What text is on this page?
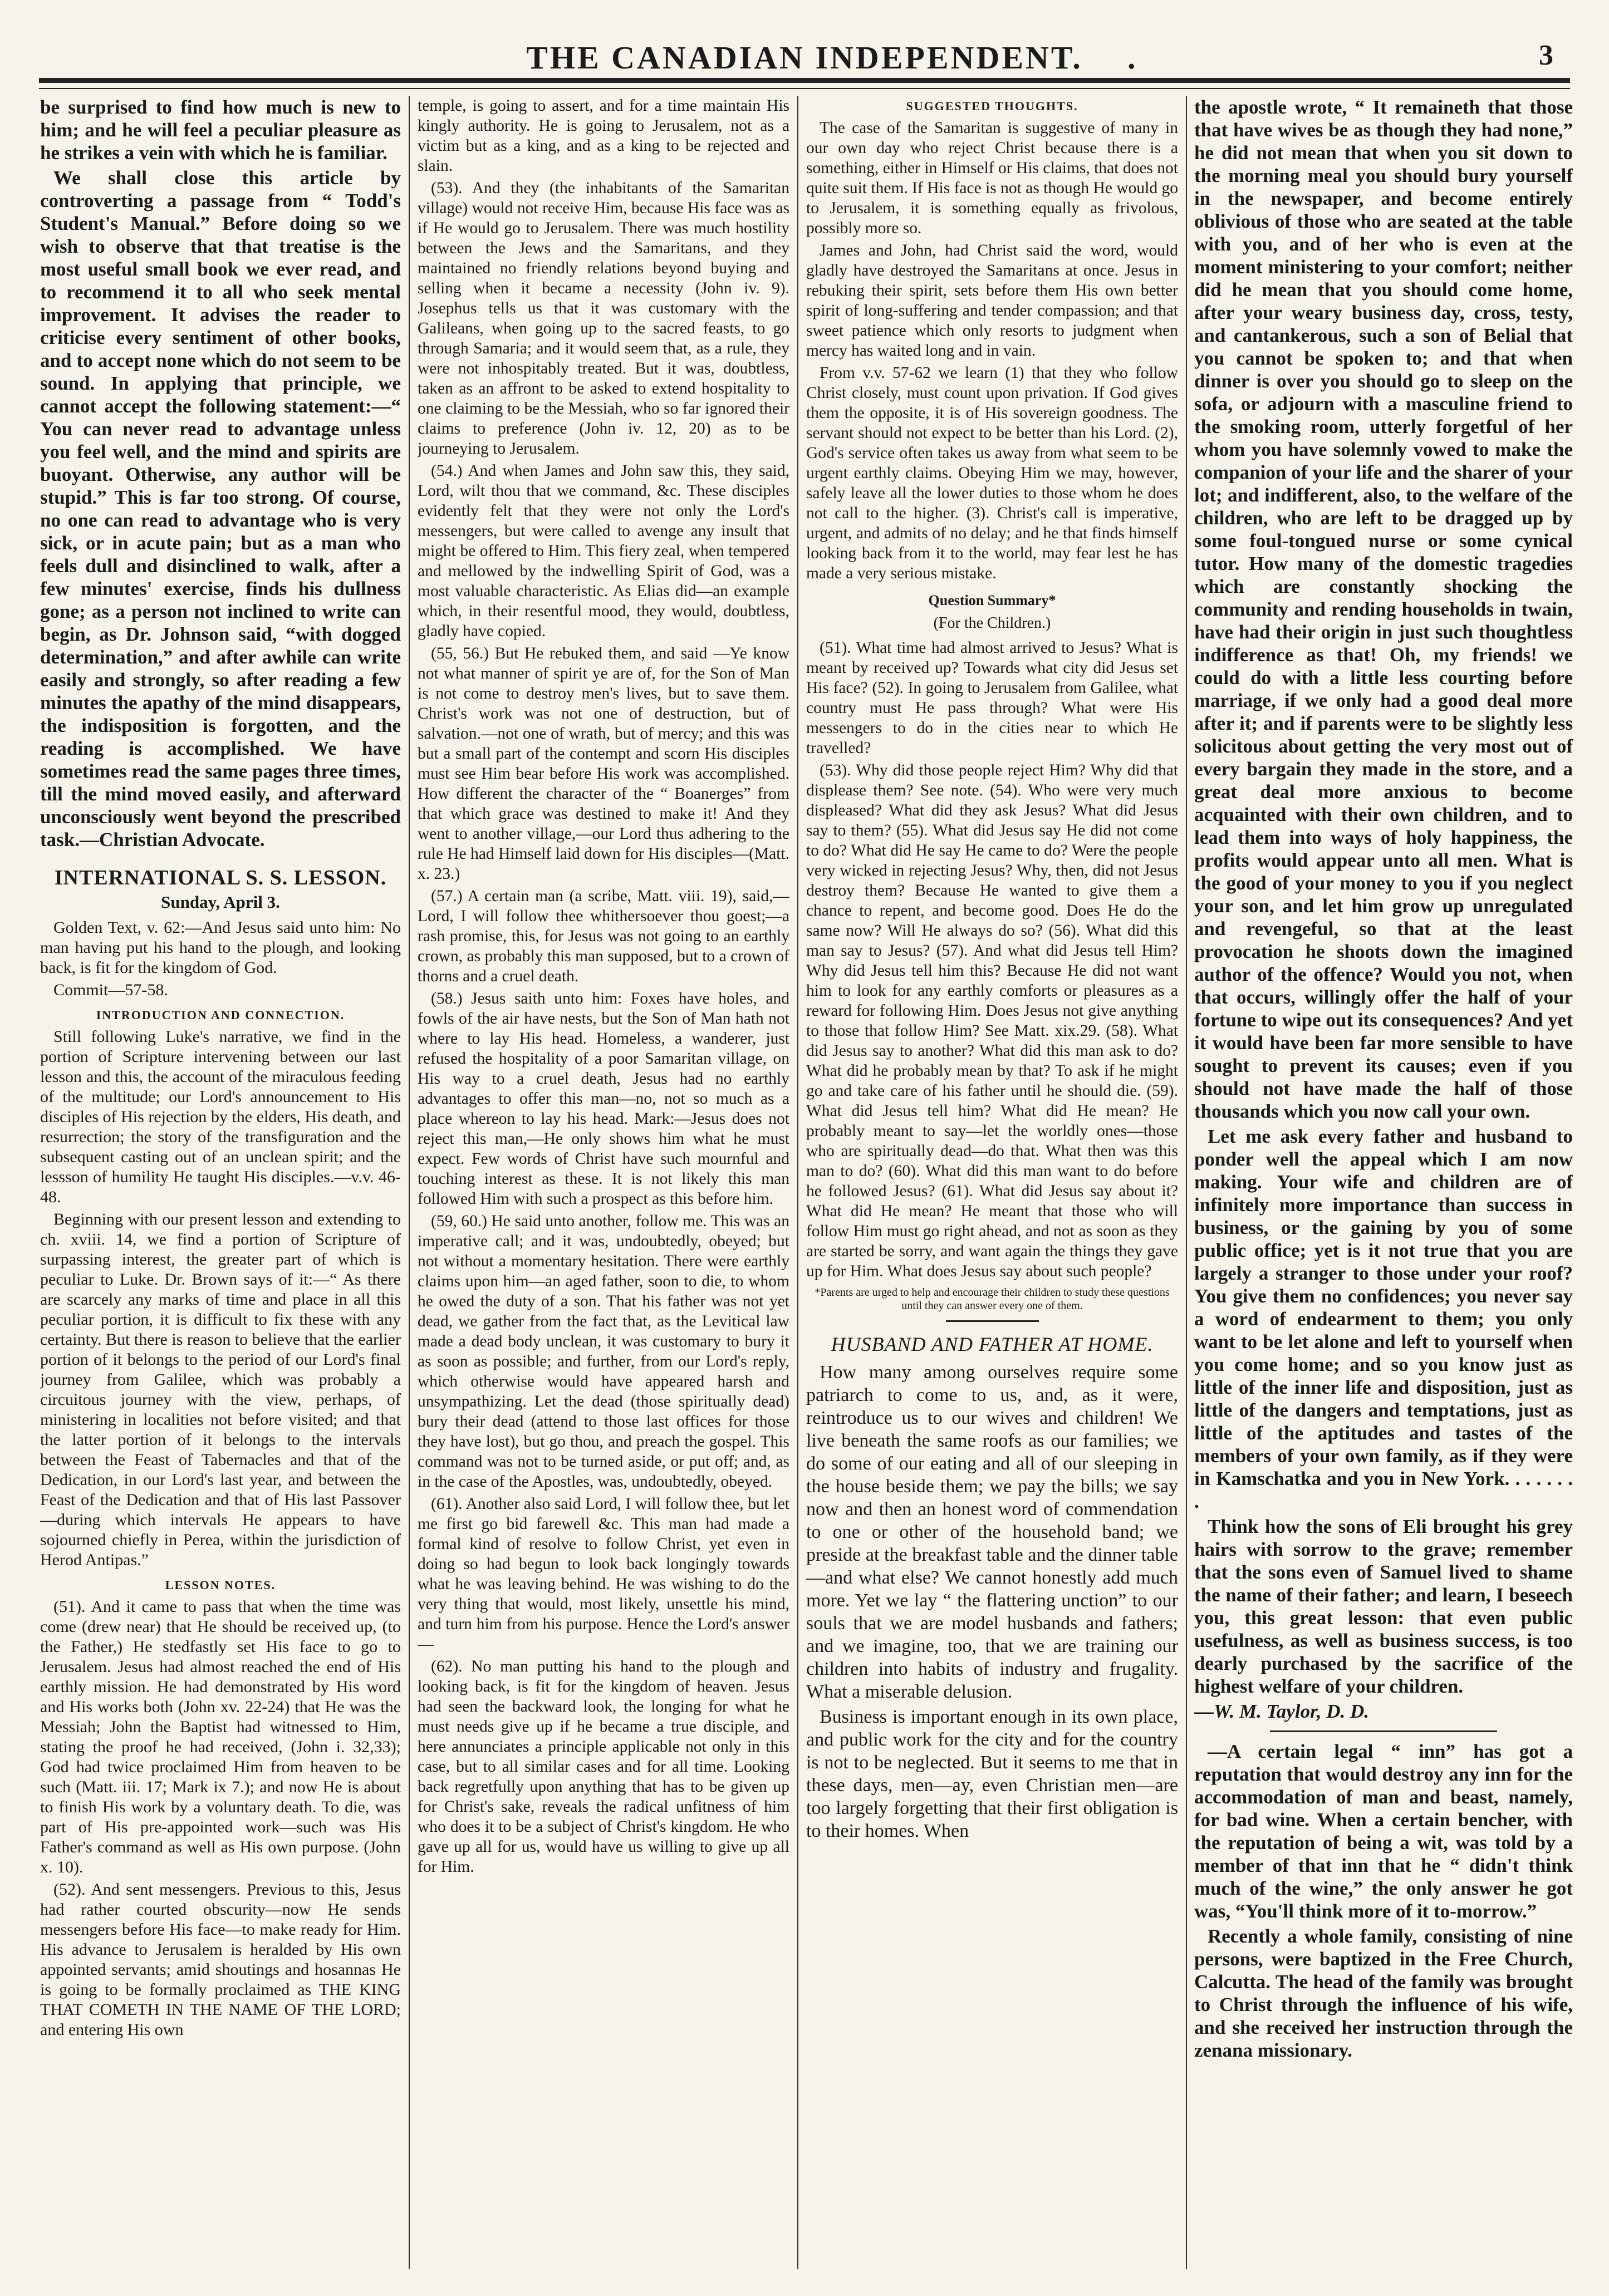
THE CANADIAN INDEPENDENT.	.	3

be surprised to find how much is new to him; and he will feel a peculiar pleasure as he strikes a vein with which he is familiar.

We shall close this article by controverting a passage from “ Todd's Student's Manual.” Before doing so we wish to observe that that treatise is the most useful small book we ever read, and to recommend it to all who seek mental improvement. It advises the reader to criticise every sentiment of other books, and to accept none which do not seem to be sound. In applying that principle, we cannot accept the following statement:—“ You can never read to advantage unless you feel well, and the mind and spirits are buoyant. Otherwise, any author will be stupid.” This is far too strong. Of course, no one can read to advantage who is very sick, or in acute pain; but as a man who feels dull and disinclined to walk, after a few minutes' exercise, finds his dullness gone; as a person not inclined to write can begin, as Dr. Johnson said, “with dogged determination,” and after awhile can write easily and strongly, so after reading a few minutes the apathy of the mind disappears, the indisposition is forgotten, and the reading is accomplished. We have sometimes read the same pages three times, till the mind moved easily, and afterward unconsciously went beyond the prescribed task.—Christian Advocate.

INTERNATIONAL S. S. LESSON.
Sunday, April 3.

Golden Text, v. 62:—And Jesus said unto him: No man having put his hand to the plough, and looking back, is fit for the kingdom of God.

Commit—57-58.

INTRODUCTION AND CONNECTION.

Still following Luke's narrative, we find in the portion of Scripture intervening between our last lesson and this, the account of the miraculous feeding of the multitude; our Lord's announcement to His disciples of His rejection by the elders, His death, and resurrection; the story of the transfiguration and the subsequent casting out of an unclean spirit; and the lessson of humility He taught His disciples.—v.v. 46-48.

Beginning with our present lesson and extending to ch. xviii. 14, we find a portion of Scripture of surpassing interest, the greater part of which is peculiar to Luke. Dr. Brown says of it:—“ As there are scarcely any marks of time and place in all this peculiar portion, it is difficult to fix these with any certainty. But there is reason to believe that the earlier portion of it belongs to the period of our Lord's final journey from Galilee, which was probably a circuitous journey with the view, perhaps, of ministering in localities not before visited; and that the latter portion of it belongs to the intervals between the Feast of Tabernacles and that of the Dedication, in our Lord's last year, and between the Feast of the Dedication and that of His last Passover—during which intervals He appears to have sojourned chiefly in Perea, within the jurisdiction of Herod Antipas.”

LESSON NOTES.

(51). And it came to pass that when the time was come (drew near) that He should be received up, (to the Father,) He stedfastly set His face to go to Jerusalem. Jesus had almost reached the end of His earthly mission. He had demonstrated by His word and His works both (John xv. 22-24) that He was the Messiah; John the Baptist had witnessed to Him, stating the proof he had received, (John i. 32,33); God had twice proclaimed Him from heaven to be such (Matt. iii. 17; Mark ix 7.); and now He is about to finish His work by a voluntary death. To die, was part of His pre-appointed work—such was His Father's command as well as His own purpose. (John x. 10).

(52). And sent messengers. Previous to this, Jesus had rather courted obscurity—now He sends messengers before His face—to make ready for Him. His advance to Jerusalem is heralded by His own appointed servants; amid shoutings and hosannas He is going to be formally proclaimed as THE KING THAT COMETH IN THE NAME OF THE LORD; and entering His own

temple, is going to assert, and for a time maintain His kingly authority. He is going to Jerusalem, not as a victim but as a king, and as a king to be rejected and slain.

(53). And they (the inhabitants of the Samaritan village) would not receive Him, because His face was as if He would go to Jerusalem. There was much hostility between the Jews and the Samaritans, and they maintained no friendly relations beyond buying and selling when it became a necessity (John iv. 9). Josephus tells us that it was customary with the Galileans, when going up to the sacred feasts, to go through Samaria; and it would seem that, as a rule, they were not inhospitably treated. But it was, doubtless, taken as an affront to be asked to extend hospitality to one claiming to be the Messiah, who so far ignored their claims to preference (John iv. 12, 20) as to be journeying to Jerusalem.

(54.) And when James and John saw this, they said, Lord, wilt thou that we command, &c. These disciples evidently felt that they were not only the Lord's messengers, but were called to avenge any insult that might be offered to Him. This fiery zeal, when tempered and mellowed by the indwelling Spirit of God, was a most valuable characteristic. As Elias did—an example which, in their resentful mood, they would, doubtless, gladly have copied.

(55, 56.) But He rebuked them, and said —Ye know not what manner of spirit ye are of, for the Son of Man is not come to destroy men's lives, but to save them. Christ's work was not one of destruction, but of salvation.—not one of wrath, but of mercy; and this was but a small part of the contempt and scorn His disciples must see Him bear before His work was accomplished. How different the character of the “ Boanerges” from that which grace was destined to make it! And they went to another village,—our Lord thus adhering to the rule He had Himself laid down for His disciples—(Matt. x. 23.)

(57.) A certain man (a scribe, Matt. viii. 19), said,—Lord, I will follow thee whithersoever thou goest;—a rash promise, this, for Jesus was not going to an earthly crown, as probably this man supposed, but to a crown of thorns and a cruel death.

(58.) Jesus saith unto him: Foxes have holes, and fowls of the air have nests, but the Son of Man hath not where to lay His head. Homeless, a wanderer, just refused the hospitality of a poor Samaritan village, on His way to a cruel death, Jesus had no earthly advantages to offer this man—no, not so much as a place whereon to lay his head. Mark:—Jesus does not reject this man,—He only shows him what he must expect. Few words of Christ have such mournful and touching interest as these. It is not likely this man followed Him with such a prospect as this before him.

(59, 60.) He said unto another, follow me. This was an imperative call; and it was, undoubtedly, obeyed; but not without a momentary hesitation. There were earthly claims upon him—an aged father, soon to die, to whom he owed the duty of a son. That his father was not yet dead, we gather from the fact that, as the Levitical law made a dead body unclean, it was customary to bury it as soon as possible; and further, from our Lord's reply, which otherwise would have appeared harsh and unsympathizing. Let the dead (those spiritually dead) bury their dead (attend to those last offices for those they have lost), but go thou, and preach the gospel. This command was not to be turned aside, or put off; and, as in the case of the Apostles, was, undoubtedly, obeyed.

(61). Another also said Lord, I will follow thee, but let me first go bid farewell &c. This man had made a formal kind of resolve to follow Christ, yet even in doing so had begun to look back longingly towards what he was leaving behind. He was wishing to do the very thing that would, most likely, unsettle his mind, and turn him from his purpose. Hence the Lord's answer—

(62). No man putting his hand to the plough and looking back, is fit for the kingdom of heaven. Jesus had seen the backward look, the longing for what he must needs give up if he became a true disciple, and here annunciates a principle applicable not only in this case, but to all similar cases and for all time. Looking back regretfully upon anything that has to be given up for Christ's sake, reveals the radical unfitness of him who does it to be a subject of Christ's kingdom. He who gave up all for us, would have us willing to give up all for Him.

SUGGESTED THOUGHTS.

The case of the Samaritan is suggestive of many in our own day who reject Christ because there is a something, either in Himself or His claims, that does not quite suit them. If His face is not as though He would go to Jerusalem, it is something equally as frivolous, possibly more so.

James and John, had Christ said the word, would gladly have destroyed the Samaritans at once. Jesus in rebuking their spirit, sets before them His own better spirit of long-suffering and tender compassion; and that sweet patience which only resorts to judgment when mercy has waited long and in vain.

From v.v. 57-62 we learn (1) that they who follow Christ closely, must count upon privation. If God gives them the opposite, it is of His sovereign goodness. The servant should not expect to be better than his Lord. (2), God's service often takes us away from what seem to be urgent earthly claims. Obeying Him we may, however, safely leave all the lower duties to those whom he does not call to the higher. (3). Christ's call is imperative, urgent, and admits of no delay; and he that finds himself looking back from it to the world, may fear lest he has made a very serious mistake.

Question Summary*
(For the Children.)

(51). What time had almost arrived to Jesus? What is meant by received up? Towards what city did Jesus set His face? (52). In going to Jerusalem from Galilee, what country must He pass through? What were His messengers to do in the cities near to which He travelled?

(53). Why did those people reject Him? Why did that displease them? See note. (54). Who were very much displeased? What did they ask Jesus? What did Jesus say to them? (55). What did Jesus say He did not come to do? What did He say He came to do? Were the people very wicked in rejecting Jesus? Why, then, did not Jesus destroy them? Because He wanted to give them a chance to repent, and become good. Does He do the same now? Will He always do so? (56). What did this man say to Jesus? (57). And what did Jesus tell Him? Why did Jesus tell him this? Because He did not want him to look for any earthly comforts or pleasures as a reward for following Him. Does Jesus not give anything to those that follow Him? See Matt. xix.29. (58). What did Jesus say to another? What did this man ask to do? What did he probably mean by that? To ask if he might go and take care of his father until he should die. (59). What did Jesus tell him? What did He mean? He probably meant to say—let the worldly ones—those who are spiritually dead—do that. What then was this man to do? (60). What did this man want to do before he followed Jesus? (61). What did Jesus say about it? What did He mean? He meant that those who will follow Him must go right ahead, and not as soon as they are started be sorry, and want again the things they gave up for Him. What does Jesus say about such people?

*Parents are urged to help and encourage their children to study these questions until they can answer every one of them.

HUSBAND AND FATHER AT HOME.

How many among ourselves require some patriarch to come to us, and, as it were, reintroduce us to our wives and children! We live beneath the same roofs as our families; we do some of our eating and all of our sleeping in the house beside them; we pay the bills; we say now and then an honest word of commendation to one or other of the household band; we preside at the breakfast table and the dinner table—and what else? We cannot honestly add much more. Yet we lay “ the flattering unction” to our souls that we are model husbands and fathers; and we imagine, too, that we are training our children into habits of industry and frugality. What a miserable delusion.

Business is important enough in its own place, and public work for the city and for the country is not to be neglected. But it seems to me that in these days, men—ay, even Christian men—are too largely forgetting that their first obligation is to their homes. When

the apostle wrote, “ It remaineth that those that have wives be as though they had none,” he did not mean that when you sit down to the morning meal you should bury yourself in the newspaper, and become entirely oblivious of those who are seated at the table with you, and of her who is even at the moment ministering to your comfort; neither did he mean that you should come home, after your weary business day, cross, testy, and cantankerous, such a son of Belial that you cannot be spoken to; and that when dinner is over you should go to sleep on the sofa, or adjourn with a masculine friend to the smoking room, utterly forgetful of her whom you have solemnly vowed to make the companion of your life and the sharer of your lot; and indifferent, also, to the welfare of the children, who are left to be dragged up by some foul-tongued nurse or some cynical tutor. How many of the domestic tragedies which are constantly shocking the community and rending households in twain, have had their origin in just such thoughtless indifference as that! Oh, my friends! we could do with a little less courting before marriage, if we only had a good deal more after it; and if parents were to be slightly less solicitous about getting the very most out of every bargain they made in the store, and a great deal more anxious to become acquainted with their own children, and to lead them into ways of holy happiness, the profits would appear unto all men. What is the good of your money to you if you neglect your son, and let him grow up unregulated and revengeful, so that at the least provocation he shoots down the imagined author of the offence? Would you not, when that occurs, willingly offer the half of your fortune to wipe out its consequences? And yet it would have been far more sensible to have sought to prevent its causes; even if you should not have made the half of those thousands which you now call your own.

Let me ask every father and husband to ponder well the appeal which I am now making. Your wife and children are of infinitely more importance than success in business, or the gaining by you of some public office; yet is it not true that you are largely a stranger to those under your roof? You give them no confidences; you never say a word of endearment to them; you only want to be let alone and left to yourself when you come home; and so you know just as little of the inner life and disposition, just as little of the dangers and temptations, just as little of the aptitudes and tastes of the members of your own family, as if they were in Kamschatka and you in New York. . . . . . . .

Think how the sons of Eli brought his grey hairs with sorrow to the grave; remember that the sons even of Samuel lived to shame the name of their father; and learn, I beseech you, this great lesson: that even public usefulness, as well as business success, is too dearly purchased by the sacrifice of the highest welfare of your children.

—W. M. Taylor, D. D.

—A certain legal “ inn” has got a reputation that would destroy any inn for the accommodation of man and beast, namely, for bad wine. When a certain bencher, with the reputation of being a wit, was told by a member of that inn that he “ didn't think much of the wine,” the only answer he got was, “You'll think more of it to-morrow.”

Recently a whole family, consisting of nine persons, were baptized in the Free Church, Calcutta. The head of the family was brought to Christ through the influence of his wife, and she received her instruction through the zenana missionary.
